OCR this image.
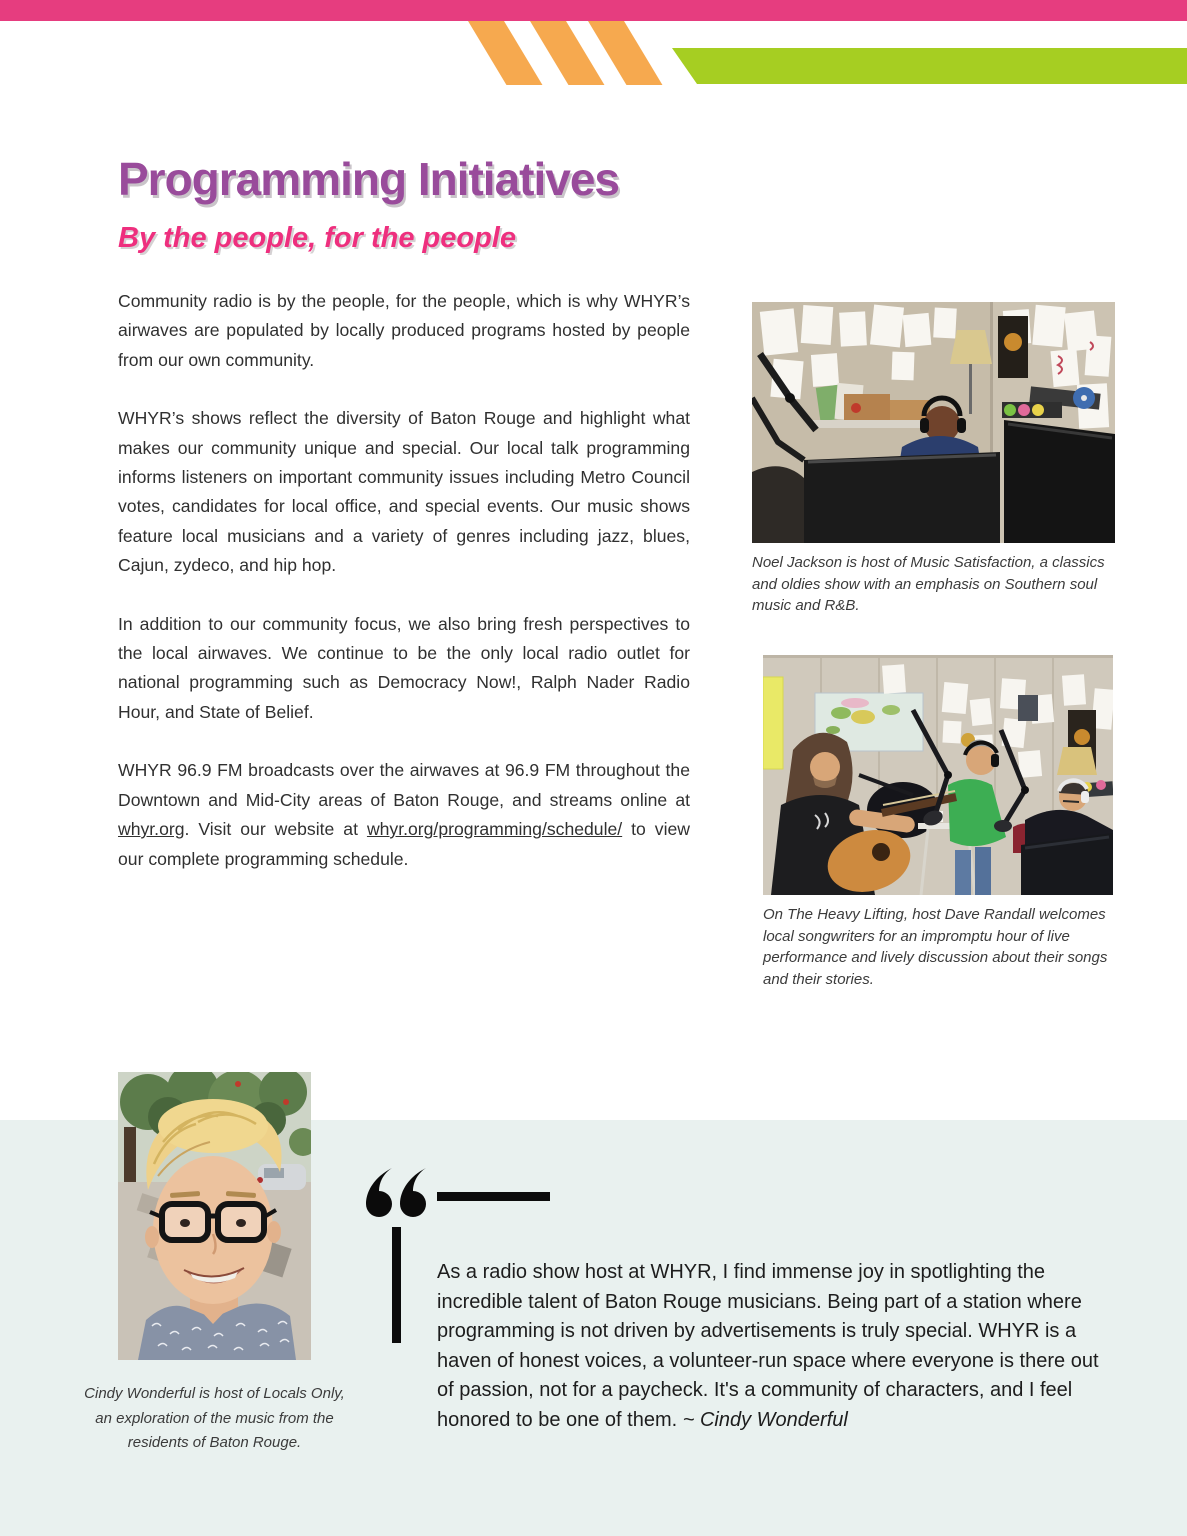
Programming Initiatives
By the people, for the people

Community radio is by the people, for the people, which is why WHYR’s airwaves are populated by locally produced programs hosted by people from our own community.

WHYR’s shows reflect the diversity of Baton Rouge and highlight what makes our community unique and special. Our local talk programming informs listeners on important community issues including Metro Council votes, candidates for local office, and special events. Our music shows feature local musicians and a variety of genres including jazz, blues, Cajun, zydeco, and hip hop.

In addition to our community focus, we also bring fresh perspectives to the local airwaves. We continue to be the only local radio outlet for national programming such as Democracy Now!, Ralph Nader Radio Hour, and State of Belief.

WHYR 96.9 FM broadcasts over the airwaves at 96.9 FM throughout the Downtown and Mid-City areas of Baton Rouge, and streams online at whyr.org. Visit our website at whyr.org/programming/schedule/ to view our complete programming schedule.

Noel Jackson is host of Music Satisfaction, a classics and oldies show with an emphasis on Southern soul music and R&B.
On The Heavy Lifting, host Dave Randall welcomes local songwriters for an impromptu hour of live performance and lively discussion about their songs and their stories.
Cindy Wonderful is host of Locals Only, an exploration of the music from the residents of Baton Rouge.

As a radio show host at WHYR, I find immense joy in spotlighting the incredible talent of Baton Rouge musicians. Being part of a station where programming is not driven by advertisements is truly special. WHYR is a haven of honest voices, a volunteer-run space where everyone is there out of passion, not for a paycheck. It's a community of characters, and I feel honored to be one of them. ~ Cindy Wonderful
